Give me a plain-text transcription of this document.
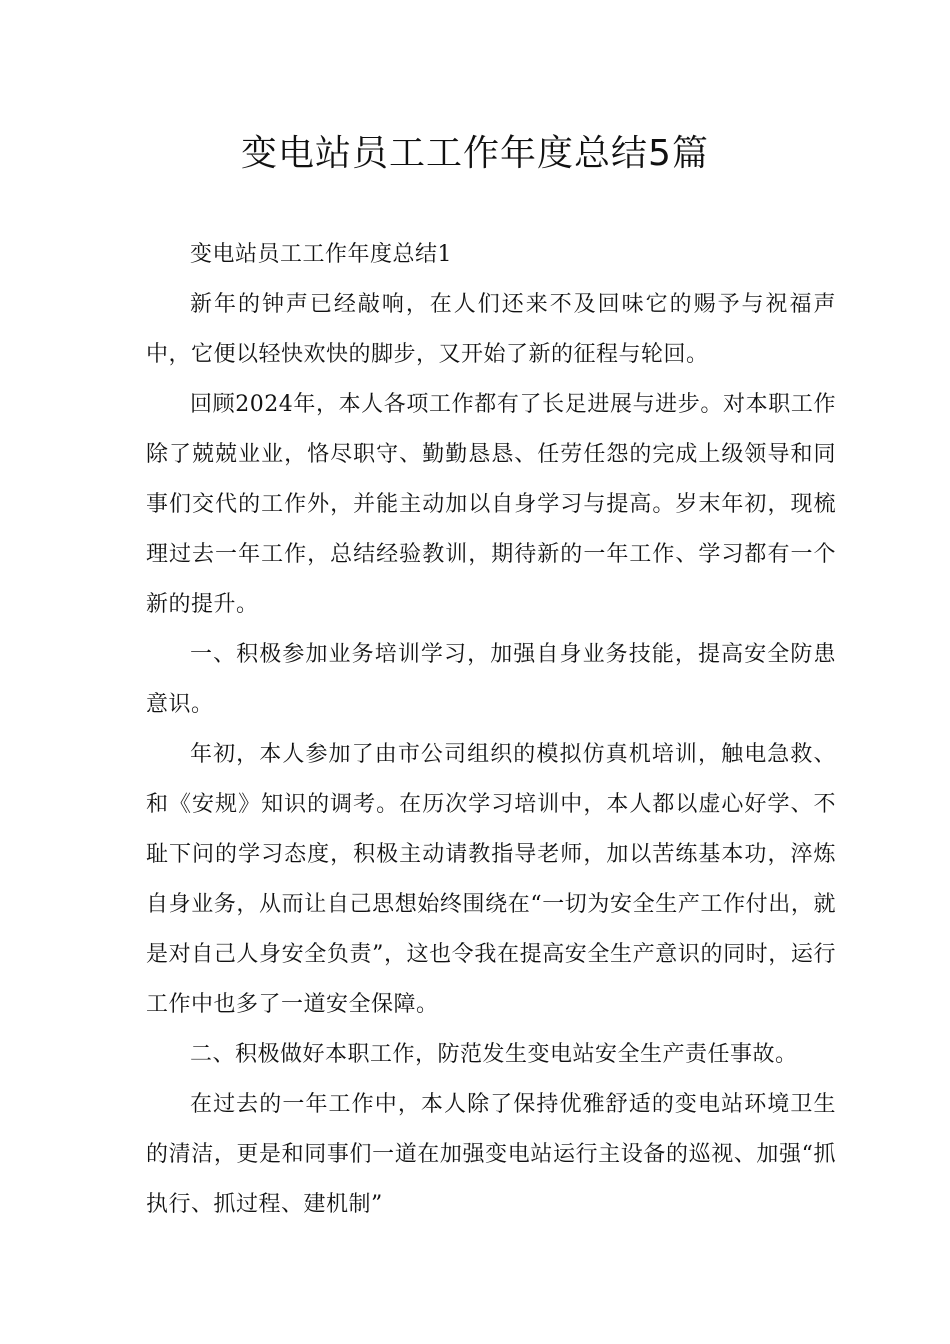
变电站员工工作年度总结5篇

变电站员工工作年度总结1

新年的钟声已经敲响，在人们还来不及回味它的赐予与祝福声中，它便以轻快欢快的脚步，又开始了新的征程与轮回。

回顾2024年，本人各项工作都有了长足进展与进步。对本职工作除了兢兢业业，恪尽职守、勤勤恳恳、任劳任怨的完成上级领导和同事们交代的工作外，并能主动加以自身学习与提高。岁末年初，现梳理过去一年工作，总结经验教训，期待新的一年工作、学习都有一个新的提升。

一、积极参加业务培训学习，加强自身业务技能，提高安全防患意识。

年初，本人参加了由市公司组织的模拟仿真机培训，触电急救、和《安规》知识的调考。在历次学习培训中，本人都以虚心好学、不耻下问的学习态度，积极主动请教指导老师，加以苦练基本功，淬炼自身业务，从而让自己思想始终围绕在“一切为安全生产工作付出，就是对自己人身安全负责”，这也令我在提高安全生产意识的同时，运行工作中也多了一道安全保障。

二、积极做好本职工作，防范发生变电站安全生产责任事故。

在过去的一年工作中，本人除了保持优雅舒适的变电站环境卫生的清洁，更是和同事们一道在加强变电站运行主设备的巡视、加强“抓执行、抓过程、建机制”
